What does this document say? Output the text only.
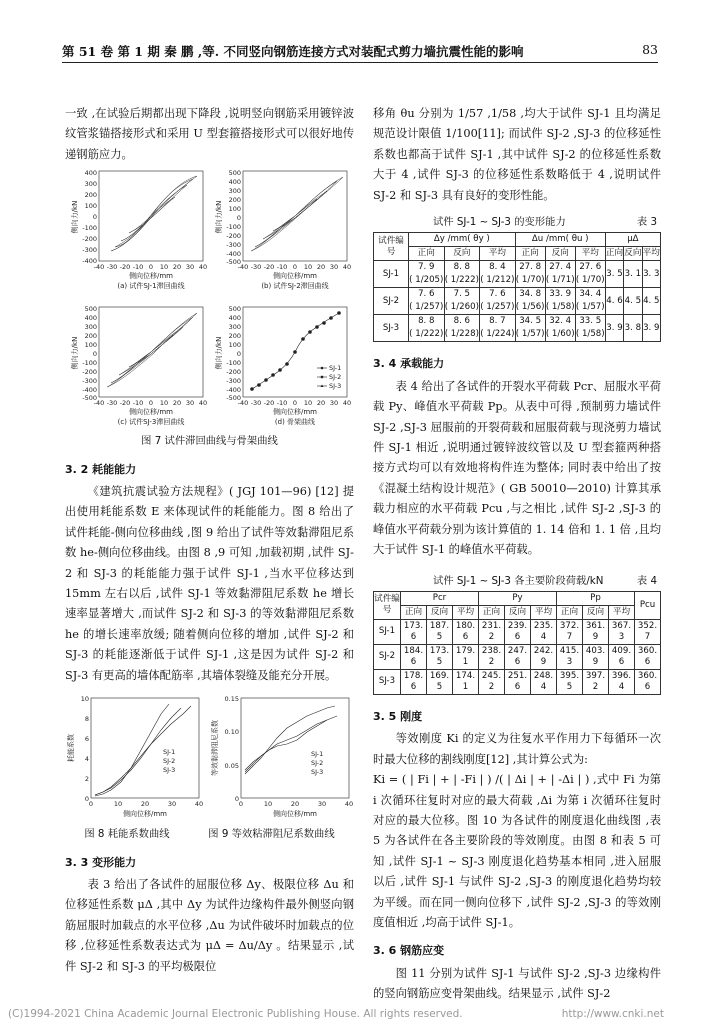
第 51 卷 第 1 期 秦 鹏 ,等. 不同竖向钢筋连接方式对装配式剪力墙抗震性能的影响	83

一致 ,在试验后期都出现下降段 ,说明竖向钢筋采用镀锌波纹管浆锚搭接形式和采用 U 型套箍搭接形式可以很好地传递钢筋应力。

400
300
200
100
0
-100
-200
-300
-400
侧向力/kN
-40 -30 -20 -10 0 10 20 30 40
侧向位移/mm
(a) 试件SJ-1滞回曲线
500
400
300
200
100
0
-100
-200
-300
-400
-500
侧向力/kN
-40 -30 -20 -10 0 10 20 30 40
侧向位移/mm
(b) 试件SJ-2滞回曲线
500
400
300
200
100
0
-100
-200
-300
-400
-500
侧向力/kN
-40 -30 -20 -10 0 10 20 30 40
侧向位移/mm
(c) 试件SJ-3滞回曲线
500
400
300
200
100
0
-100
-200
-300
-400
-500
侧向力/kN
-40 -30 -20 -10 0 10 20 30 40
侧向位移/mm
(d) 骨架曲线
SJ-1
SJ-2
SJ-3
图 7 试件滞回曲线与骨架曲线
3. 2 耗能能力

《建筑抗震试验方法规程》( JGJ 101—96) [12] 提出使用耗能系数 E 来体现试件的耗能能力。图 8 给出了试件耗能-侧向位移曲线 ,图 9 给出了试件等效黏滞阻尼系数 he-侧向位移曲线。由图 8 ,9 可知 ,加载初期 ,试件 SJ-2 和 SJ-3 的耗能能力强于试件 SJ-1 ,当水平位移达到 15mm 左右以后 ,试件 SJ-1 等效黏滞阻尼系数 he 增长速率显著增大 ,而试件 SJ-2 和 SJ-3 的等效黏滞阻尼系数 he 的增长速率放缓; 随着侧向位移的增加 ,试件 SJ-2 和 SJ-3 的耗能逐渐低于试件 SJ-1 ,这是因为试件 SJ-2 和 SJ-3 有更高的墙体配筋率 ,其墙体裂缝及能充分开展。

10
8
6
4
2
0
耗能系数
0	10	20	30	40
侧向位移/mm
SJ-1
SJ-2
SJ-3
0.15
0.10
0.05
0
等效黏滞阻尼系数
0	10	20	30	40
侧向位移/mm
SJ-1
SJ-2
SJ-3
图 8 耗能系数曲线	图 9 等效粘滞阻尼系数曲线
3. 3 变形能力

表 3 给出了各试件的屈服位移 Δy、极限位移 Δu 和位移延性系数 μΔ ,其中 Δy 为试件边缘构件最外侧竖向钢筋屈服时加载点的水平位移 ,Δu 为试件破坏时加载点的位移 ,位移延性系数表达式为 μΔ = Δu/Δy 。结果显示 ,试件 SJ-2 和 SJ-3 的平均极限位

移角 θu 分别为 1/57 ,1/58 ,均大于试件 SJ-1 且均满足规范设计限值 1/100[11]; 而试件 SJ-2 ,SJ-3 的位移延性系数也都高于试件 SJ-1 ,其中试件 SJ-2 的位移延性系数大于 4 ,试件 SJ-3 的位移延性系数略低于 4 ,说明试件 SJ-2 和 SJ-3 具有良好的变形性能。

试件 SJ-1 ~ SJ-3 的变形能力	表 3
试件编号	Δy /mm( θy )			Δu /mm( θu )			μΔ		
	正向	反向	平均	正向	反向	平均	正向	反向	平均
SJ-1	7. 9	8. 8	8. 4	27. 8	27. 4	27. 6	3. 5	3. 1	3. 3
	( 1/205)	( 1/222)	( 1/212)	( 1/70)	( 1/71)	( 1/70)			
SJ-2	7. 6	7. 5	7. 6	34. 8	33. 9	34. 4	4. 6	4. 5	4. 5
	( 1/257)	( 1/260)	( 1/257)	( 1/56)	( 1/58)	( 1/57)			
SJ-3	8. 8	8. 6	8. 7	34. 5	32. 4	33. 5	3. 9	3. 8	3. 9
	( 1/222)	( 1/228)	( 1/224)	( 1/57)	( 1/60)	( 1/58)			
3. 4 承载能力

表 4 给出了各试件的开裂水平荷载 Pcr、屈服水平荷载 Py、峰值水平荷载 Pp。从表中可得 ,预制剪力墙试件 SJ-2 ,SJ-3 屈服前的开裂荷载和屈服荷载与现浇剪力墙试件 SJ-1 相近 ,说明通过镀锌波纹管以及 U 型套箍两种搭接方式均可以有效地将构件连为整体; 同时表中给出了按《混凝土结构设计规范》( GB 50010—2010) 计算其承载力相应的水平荷载 Pcu ,与之相比 ,试件 SJ-2 ,SJ-3 的峰值水平荷载分别为该计算值的 1. 14 倍和 1. 1 倍 ,且均大于试件 SJ-1 的峰值水平荷载。

试件 SJ-1 ~ SJ-3 各主要阶段荷载/kN	表 4
试件编号	Pcr			Py			Pp			Pcu
	正向	反向	平均	正向	反向	平均	正向	反向	平均	
SJ-1	173. 6	187. 5	180. 6	231. 2	239. 6	235. 4	372. 7	361. 9	367. 3	352. 7
SJ-2	184. 6	173. 5	179. 1	238. 2	247. 6	242. 9	415. 3	403. 9	409. 6	360. 6
SJ-3	178. 6	169. 5	174. 1	245. 2	251. 6	248. 4	395. 5	397. 2	396. 4	360. 6
3. 5 刚度

等效刚度 Ki 的定义为往复水平作用力下每循环一次时最大位移的割线刚度[12] ,其计算公式为:

Ki = ( | Fi | + | -Fi | ) /( | Δi | + | -Δi | ) ,式中 Fi 为第 i 次循环往复时对应的最大荷载 ,Δi 为第 i 次循环往复时对应的最大位移。图 10 为各试件的刚度退化曲线图 ,表 5 为各试件在各主要阶段的等效刚度。由图 8 和表 5 可知 ,试件 SJ-1 ~ SJ-3 刚度退化趋势基本相同 ,进入屈服以后 ,试件 SJ-1 与试件 SJ-2 ,SJ-3 的刚度退化趋势均较为平缓。而在同一侧向位移下 ,试件 SJ-2 ,SJ-3 的等效刚度值相近 ,均高于试件 SJ-1。

3. 6 钢筋应变

图 11 分别为试件 SJ-1 与试件 SJ-2 ,SJ-3 边缘构件的竖向钢筋应变骨架曲线。结果显示 ,试件 SJ-2

(C)1994-2021 China Academic Journal Electronic Publishing House. All rights reserved.	http://www.cnki.net
